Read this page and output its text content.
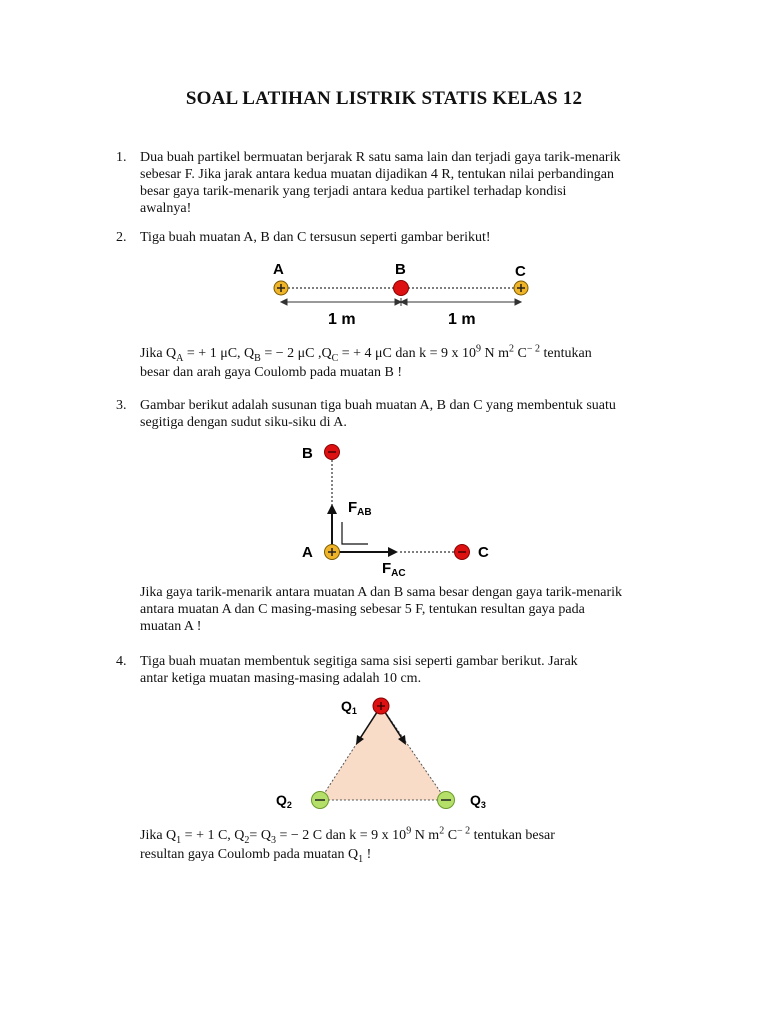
SOAL LATIHAN LISTRIK STATIS KELAS 12
1. Dua buah partikel bermuatan berjarak R satu sama lain dan terjadi gaya tarik-menarik

sebesar F. Jika jarak antara kedua muatan dijadikan 4 R, tentukan nilai perbandingan

besar gaya tarik-menarik yang terjadi antara kedua partikel terhadap kondisi

awalnya!

2. Tiga buah muatan A, B dan C tersusun seperti gambar berikut!
A	B	C
1 m	1 m

Jika $Q_A$ = + 1 μC, $Q_B$ = − 2 μC $,Q_C$ = + 4 μC dan k = 9 x $10^9$ N $m^2$ $C^{- 2}$ tentukan

besar dan arah gaya Coulomb pada muatan B !

3. Gambar berikut adalah susunan tiga buah muatan A, B dan C yang membentuk suatu

segitiga dengan sudut siku-siku di A.

B
A	C
$F_{AB}$
$F_{AC}$

Jika gaya tarik-menarik antara muatan A dan B sama besar dengan gaya tarik-menarik

antara muatan A dan C masing-masing sebesar 5 F, tentukan resultan gaya pada

muatan A !

4. Tiga buah muatan membentuk segitiga sama sisi seperti gambar berikut. Jarak

antar ketiga muatan masing-masing adalah 10 cm.

$Q_1$
$Q_2$	$Q_3$

Jika $Q_1$ = + 1 C, $Q_2= Q_3$ = − 2 C dan k = 9 x $10^9$ N $m^2$ $C^{- 2}$ tentukan besar

resultan gaya Coulomb pada muatan $Q_1$ !
